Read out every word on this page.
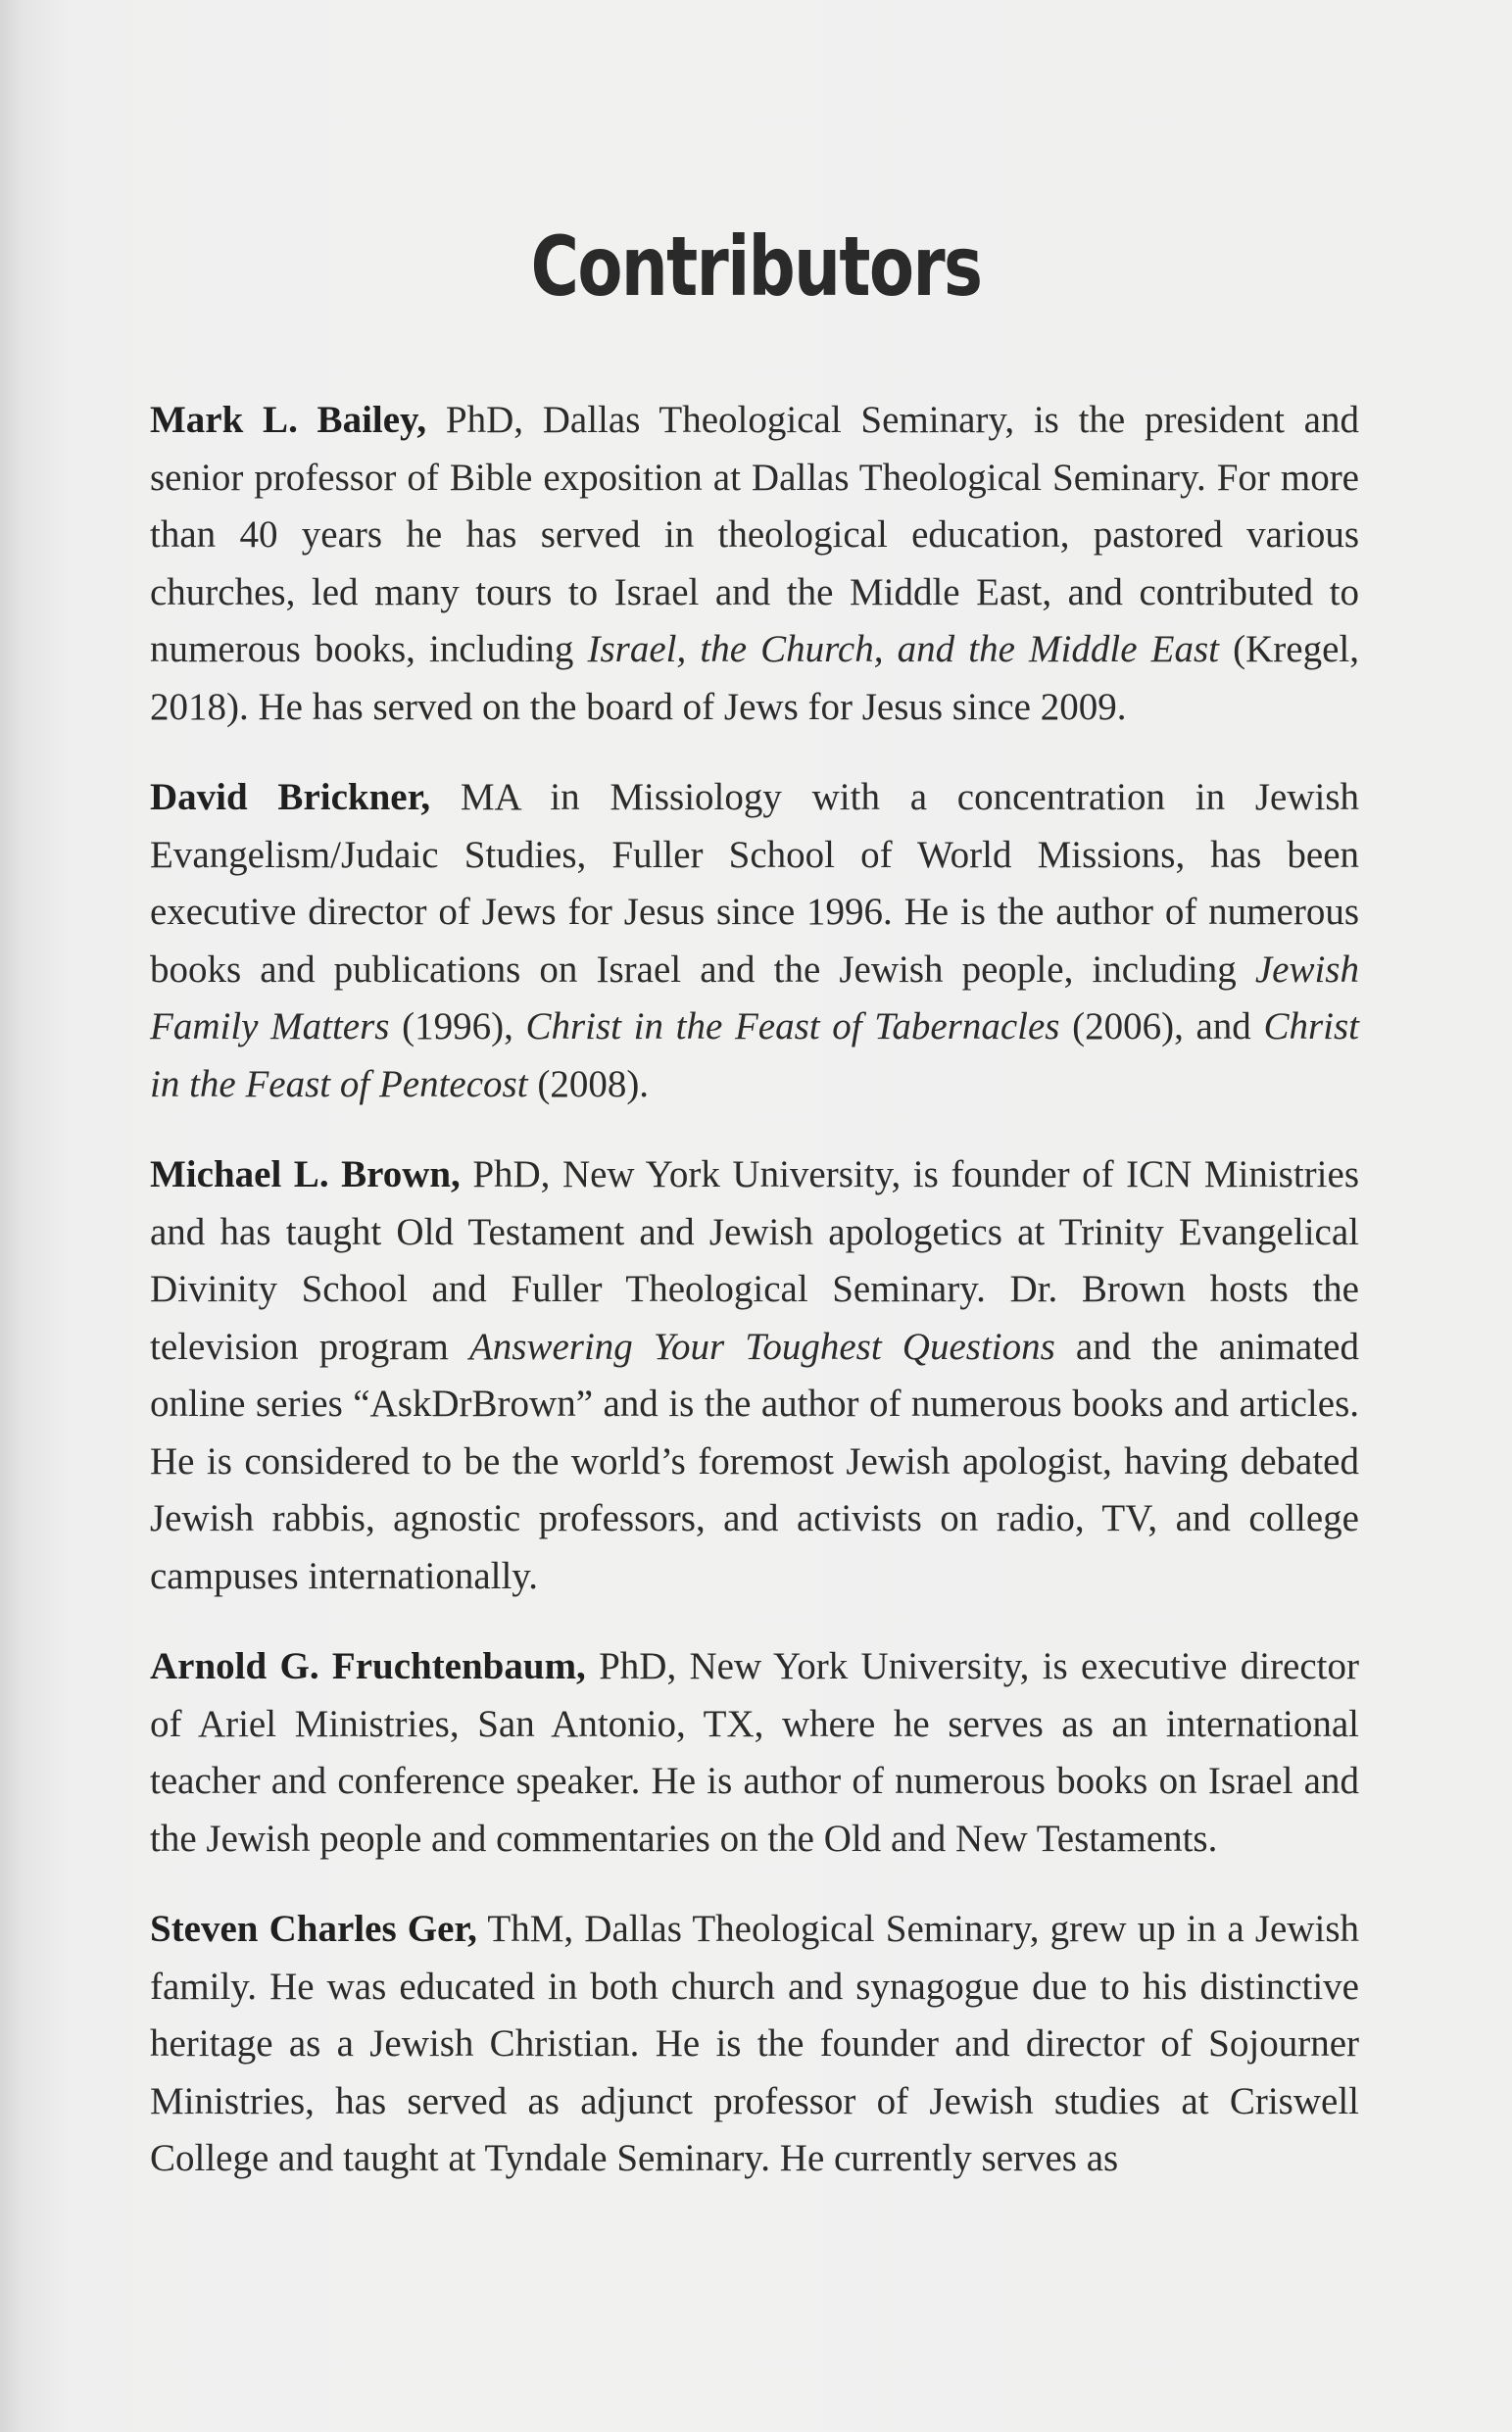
Contributors

Mark L. Bailey, PhD, Dallas Theological Seminary, is the president and senior professor of Bible exposition at Dallas Theological Seminary. For more than 40 years he has served in theological education, pastored various churches, led many tours to Israel and the Middle East, and contributed to numerous books, including Israel, the Church, and the Middle East (Kregel, 2018). He has served on the board of Jews for Jesus since 2009.

David Brickner, MA in Missiology with a concentration in Jewish Evangelism/Judaic Studies, Fuller School of World Missions, has been executive director of Jews for Jesus since 1996. He is the author of numerous books and publications on Israel and the Jewish people, including Jewish Family Matters (1996), Christ in the Feast of Tabernacles (2006), and Christ in the Feast of Pentecost (2008).

Michael L. Brown, PhD, New York University, is founder of ICN Ministries and has taught Old Testament and Jewish apologetics at Trinity Evangelical Divinity School and Fuller Theological Seminary. Dr. Brown hosts the television program Answering Your Toughest Questions and the animated online series “AskDrBrown” and is the author of numerous books and articles. He is considered to be the world’s foremost Jewish apologist, having debated Jewish rabbis, agnostic professors, and activists on radio, TV, and college campuses internationally.

Arnold G. Fruchtenbaum, PhD, New York University, is executive director of Ariel Ministries, San Antonio, TX, where he serves as an international teacher and conference speaker. He is author of numerous books on Israel and the Jewish people and commentaries on the Old and New Testaments.

Steven Charles Ger, ThM, Dallas Theological Seminary, grew up in a Jewish family. He was educated in both church and synagogue due to his distinctive heritage as a Jewish Christian. He is the founder and director of Sojourner Ministries, has served as adjunct professor of Jewish studies at Criswell College and taught at Tyndale Seminary. He currently serves as
